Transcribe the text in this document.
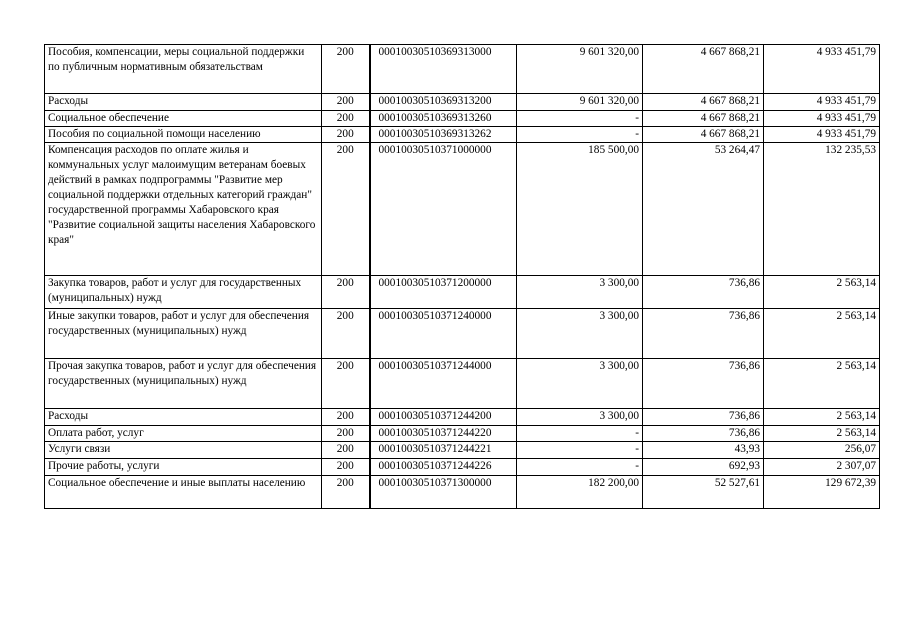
Пособия, компенсации, меры социальной поддержки по публичным нормативным обязательствам	200	00010030510369313000	9 601 320,00	4 667 868,21	4 933 451,79
Расходы	200	00010030510369313200	9 601 320,00	4 667 868,21	4 933 451,79
Социальное обеспечение	200	00010030510369313260	-	4 667 868,21	4 933 451,79
Пособия по социальной помощи населению	200	00010030510369313262	-	4 667 868,21	4 933 451,79
Компенсация расходов по оплате жилья и коммунальных услуг малоимущим ветеранам боевых действий в рамках подпрограммы "Развитие мер социальной поддержки отдельных категорий граждан" государственной программы Хабаровского края "Развитие социальной защиты населения Хабаровского края"	200	00010030510371000000	185 500,00	53 264,47	132 235,53
Закупка товаров, работ и услуг для государственных (муниципальных) нужд	200	00010030510371200000	3 300,00	736,86	2 563,14
Иные закупки товаров, работ и услуг для обеспечения государственных (муниципальных) нужд	200	00010030510371240000	3 300,00	736,86	2 563,14
Прочая закупка товаров, работ и услуг для обеспечения государственных (муниципальных) нужд	200	00010030510371244000	3 300,00	736,86	2 563,14
Расходы	200	00010030510371244200	3 300,00	736,86	2 563,14
Оплата работ, услуг	200	00010030510371244220	-	736,86	2 563,14
Услуги связи	200	00010030510371244221	-	43,93	256,07
Прочие работы, услуги	200	00010030510371244226	-	692,93	2 307,07
Социальное обеспечение и иные выплаты населению	200	00010030510371300000	182 200,00	52 527,61	129 672,39
